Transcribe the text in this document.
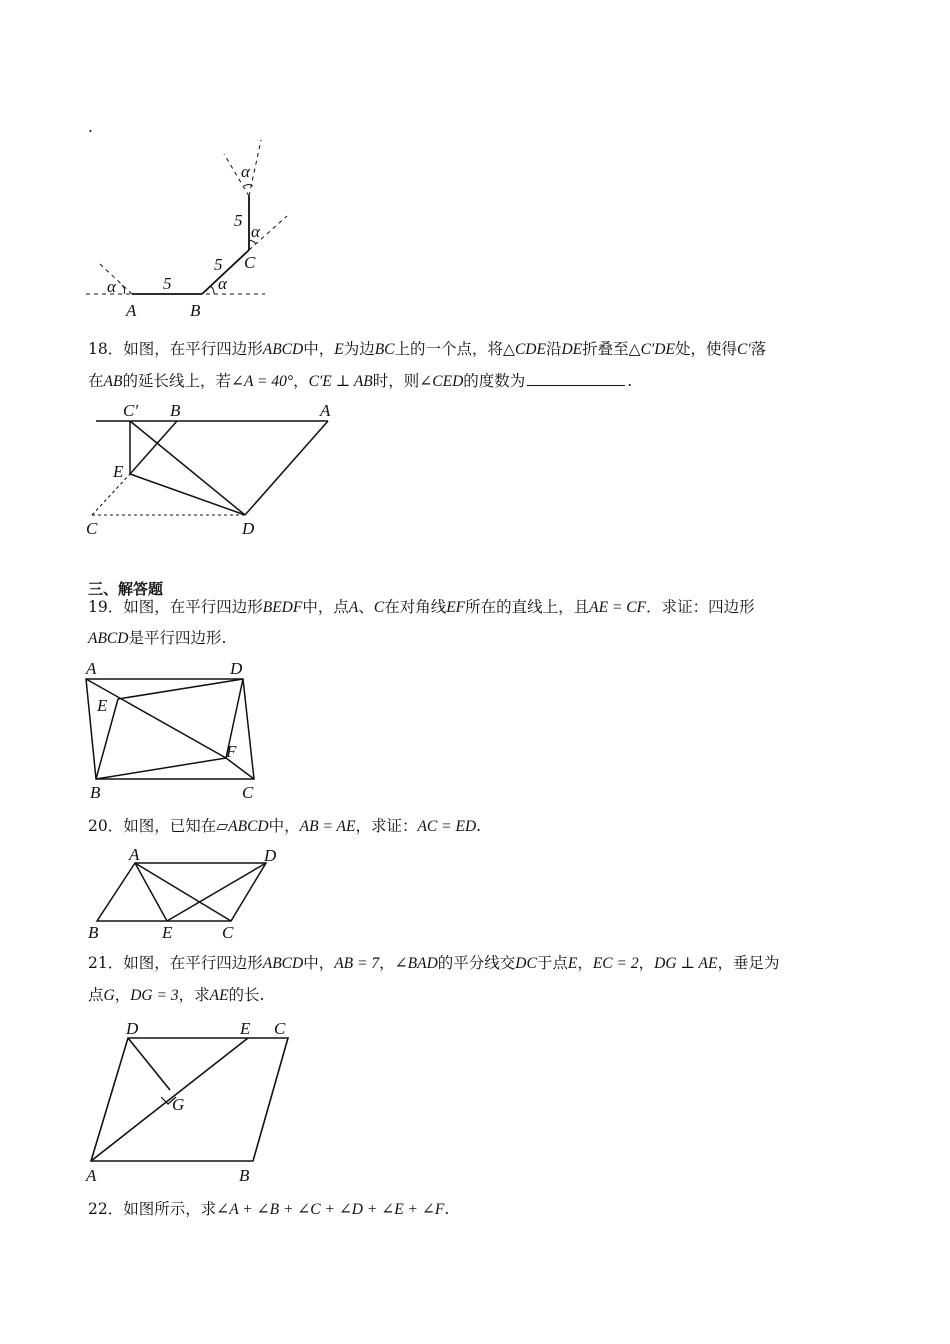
.
A	B
C
5
5
5
α	α
α
α
18．如图，在平行四边形ABCD中，E为边BC上的一个点，将△CDE沿DE折叠至△C′DE处，使得C′落
在AB的延长线上，若∠A = 40°，C′E ⊥ AB时，则∠CED的度数为	.
C′ B	A
E
C	D
三、解答题
19．如图，在平行四边形BEDF中，点A、C在对角线EF所在的直线上，且AE = CF．求证：四边形
ABCD是平行四边形.
A	D
E
F
B	C
20．如图，已知在▱ABCD中，AB = AE，求证：AC = ED.
A	D
B	E	C
21．如图，在平行四边形ABCD中，AB = 7，∠BAD的平分线交DC于点E，EC = 2，DG ⊥ AE，垂足为
点G，DG = 3，求AE的长.
D	E C
G
A	B
22．如图所示，求∠A + ∠B + ∠C + ∠D + ∠E + ∠F.
